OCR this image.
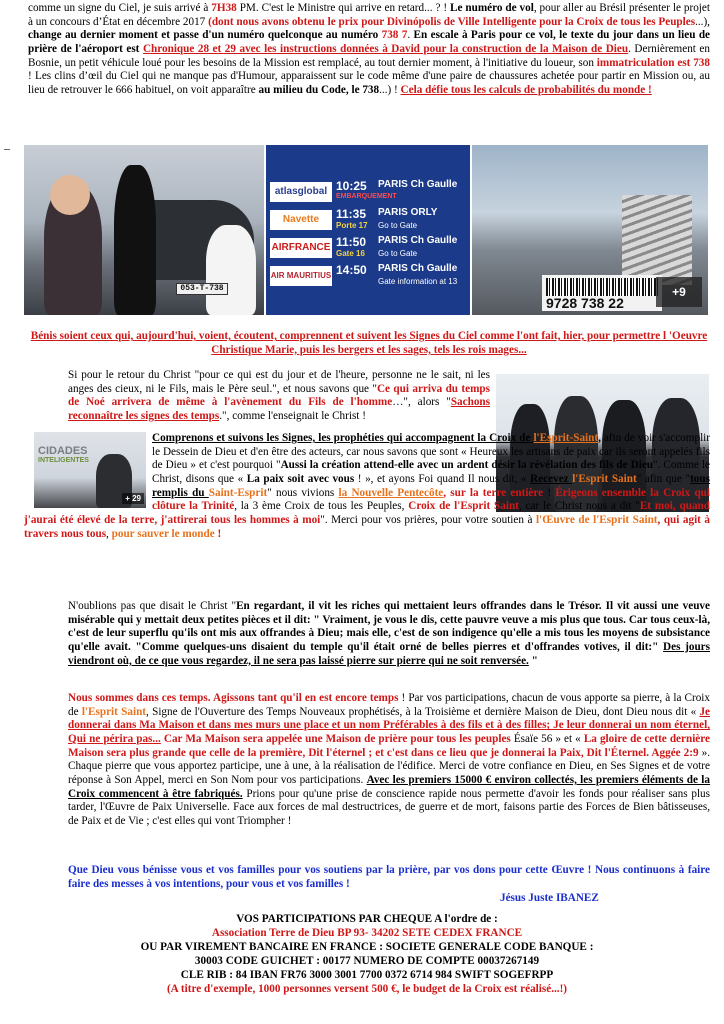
comme un signe du Ciel, je suis arrivé à 7H38 PM. C'est le Ministre qui arrive en retard... ? ! Le numéro de vol, pour aller au Brésil présenter le projet à un concours d’État en décembre 2017 (dont nous avons obtenu le prix pour Divinópolis de Ville Intelligente pour la Croix de tous les Peuples...), change au dernier moment et passe d'un numéro quelconque au numéro 738 7. En escale à Paris pour ce vol, le texte du jour dans un lieu de prière de l'aéroport est Chronique 28 et 29 avec les instructions données à David pour la construction de la Maison de Dieu. Dernièrement en Bosnie, un petit véhicule loué pour les besoins de la Mission est remplacé, au tout dernier moment, à l'initiative du loueur, son immatriculation est 738 ! Les clins d’œil du Ciel qui ne manque pas d'Humour, apparaissent sur le code même d'une paire de chaussures achetée pour partir en Mission ou, au lieu de retrouver le 666 habituel, on voit apparaître au milieu du Code, le 738...) ! Cela défie tous les calculs de probabilités du monde !

–
053-T-738
atlasglobal 10:25 PARIS Ch Gaulle
EMBARQUEMENT
Navette	11:35 PARIS ORLY
Porte 17 Go to Gate
AIRFRANCE 11:50 PARIS Ch Gaulle
Gate 16 Go to Gate
AIR MAURITIUS 14:50 PARIS Ch Gaulle
Gate information at 13
9728 738 22
+9

Bénis soient ceux qui, aujourd'hui, voient, écoutent, comprennent et suivent les Signes du Ciel comme l'ont fait, hier, pour permettre l 'Oeuvre Christique Marie, puis les bergers et les sages, tels les rois mages...

Si pour le retour du Christ "pour ce qui est du jour et de l'heure, personne ne le sait, ni les anges des cieux, ni le Fils, mais le Père seul.", et nous savons que "Ce qui arriva du temps de Noé arrivera de même à l'avènement du Fils de l'homme…", alors "Sachons reconnaître les signes des temps.", comme l'enseignait le Christ !

CIDADES
INTELIGENTES
+ 29

Comprenons et suivons les Signes, les prophéties qui accompagnent la Croix de l'Esprit-Saint, afin de voir s'accomplir le Dessein de Dieu et d'en être des acteurs, car nous savons que sont « Heureux les artisans de paix car ils seront appelés fils de Dieu » et c'est pourquoi "Aussi la création attend-elle avec un ardent désir la révélation des fils de Dieu". Comme le Christ, disons que « La paix soit avec vous ! », et ayons Foi quand Il nous dit, « Recevez l'Esprit Saint" afin que "tous remplis du Saint-Esprit" nous vivions la Nouvelle Pentecôte, sur la terre entière ! Érigeons ensemble la Croix qui clôture la Trinité, la 3 ème Croix de tous les Peuples, Croix de l'Esprit Saint, car le Christ nous a dit "Et moi, quand j'aurai été élevé de la terre, j'attirerai tous les hommes à moi". Merci pour vos prières, pour votre soutien à l'Œuvre de l'Esprit Saint, qui agit à travers nous tous, pour sauver le monde !

N'oublions pas que disait le Christ "En regardant, il vit les riches qui mettaient leurs offrandes dans le Trésor. Il vit aussi une veuve misérable qui y mettait deux petites pièces et il dit: " Vraiment, je vous le dis, cette pauvre veuve a mis plus que tous. Car tous ceux-là, c'est de leur superflu qu'ils ont mis aux offrandes à Dieu; mais elle, c'est de son indigence qu'elle a mis tous les moyens de subsistance qu'elle avait. "Comme quelques-uns disaient du temple qu'il était orné de belles pierres et d'offrandes votives, il dit:" Des jours viendront où, de ce que vous regardez, il ne sera pas laissé pierre sur pierre qui ne soit renversée. "

Nous sommes dans ces temps. Agissons tant qu'il en est encore temps ! Par vos participations, chacun de vous apporte sa pierre, à la Croix de l'Esprit Saint, Signe de l'Ouverture des Temps Nouveaux prophétisés, à la Troisième et dernière Maison de Dieu, dont Dieu nous dit « Je donnerai dans Ma Maison et dans mes murs une place et un nom Préférables à des fils et à des filles; Je leur donnerai un nom éternel, Qui ne périra pas... Car Ma Maison sera appelée une Maison de prière pour tous les peuples Ésaïe 56 » et « La gloire de cette dernière Maison sera plus grande que celle de la première, Dit l'éternel ; et c'est dans ce lieu que je donnerai la Paix, Dit l'Éternel. Aggée 2:9 ». Chaque pierre que vous apportez participe, une à une, à la réalisation de l'édifice. Merci de votre confiance en Dieu, en Ses Signes et de votre réponse à Son Appel, merci en Son Nom pour vos participations. Avec les premiers 15000 € environ collectés, les premiers éléments de la Croix commencent à être fabriqués. Prions pour qu'une prise de conscience rapide nous permette d'avoir les fonds pour réaliser sans plus tarder, l'Œuvre de Paix Universelle. Face aux forces de mal destructrices, de guerre et de mort, faisons partie des Forces de Bien bâtisseuses, de Paix et de Vie ; c'est elles qui vont Triompher !

Que Dieu vous bénisse vous et vos familles pour vos soutiens par la prière, par vos dons pour cette Œuvre ! Nous continuons à faire faire des messes à vos intentions, pour vous et vos familles !

Jésus Juste IBANEZ
VOS PARTICIPATIONS PAR CHEQUE A l'ordre de :
Association Terre de Dieu BP 93- 34202 SETE CEDEX FRANCE
OU PAR VIREMENT BANCAIRE EN FRANCE : SOCIETE GENERALE CODE BANQUE :
30003 CODE GUICHET : 00177 NUMERO DE COMPTE 00037267149
CLE RIB : 84 IBAN FR76 3000 3001 7700 0372 6714 984 SWIFT SOGEFRPP
(A titre d'exemple, 1000 personnes versent 500 €, le budget de la Croix est réalisé...!)
